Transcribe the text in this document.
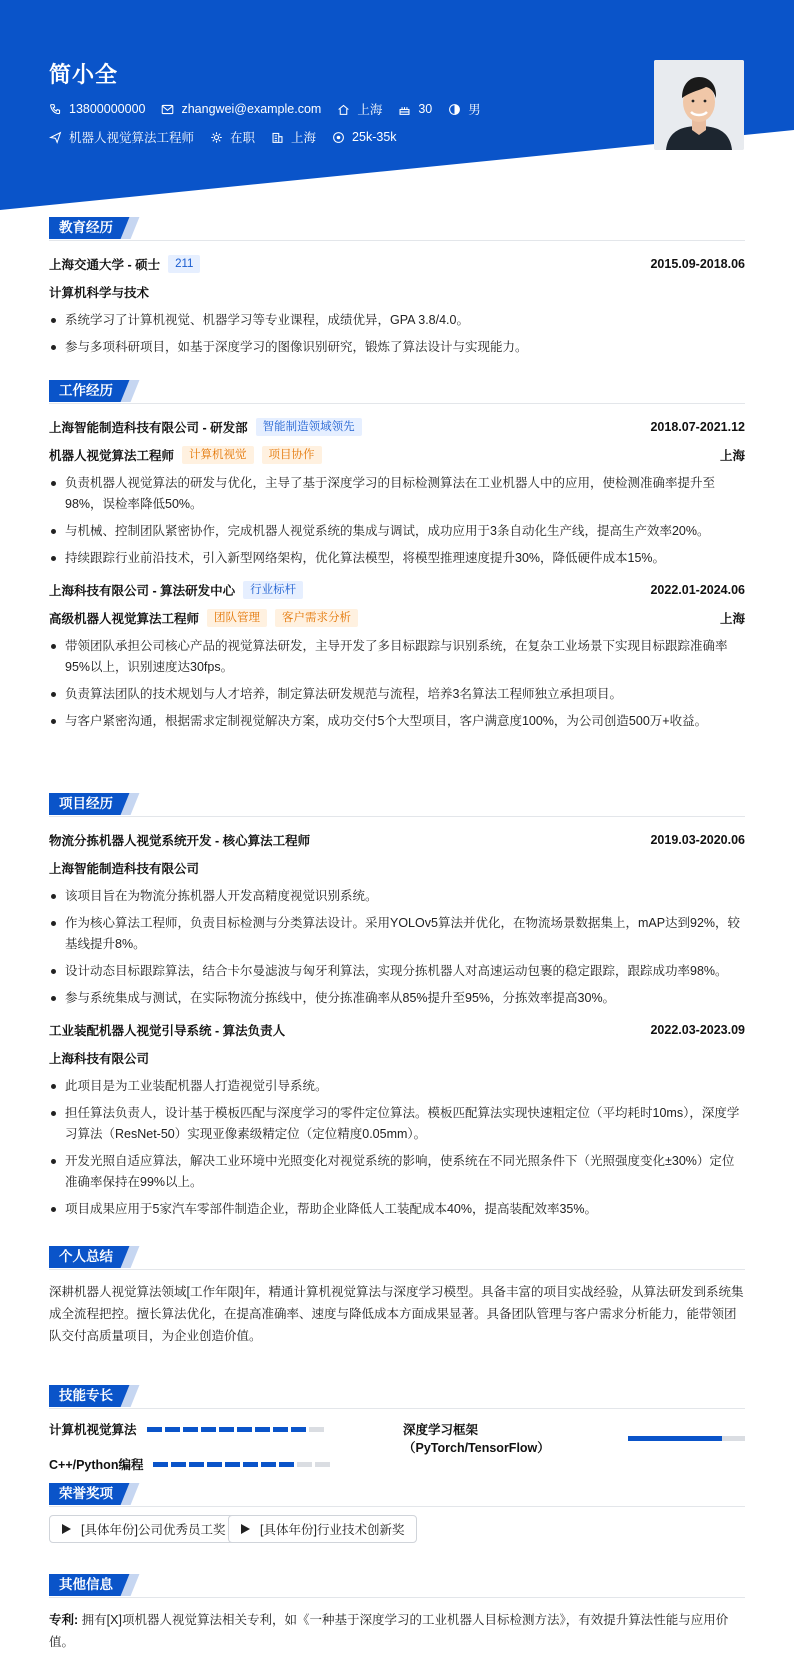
简小全
13800000000	zhangwei@example.com	上海	30	男
机器人视觉算法工程师	在职	上海	25k-35k
教育经历
上海交通大学 - 硕士	211	2015.09-2018.06
计算机科学与技术
系统学习了计算机视觉、机器学习等专业课程，成绩优异，GPA 3.8/4.0。
参与多项科研项目，如基于深度学习的图像识别研究，锻炼了算法设计与实现能力。
工作经历
上海智能制造科技有限公司 - 研发部	智能制造领域领先	2018.07-2021.12
机器人视觉算法工程师	计算机视觉	项目协作	上海
负责机器人视觉算法的研发与优化，主导了基于深度学习的目标检测算法在工业机器人中的应用，使检测准确率提升至98%，误检率降低50%。
与机械、控制团队紧密协作，完成机器人视觉系统的集成与调试，成功应用于3条自动化生产线，提高生产效率20%。
持续跟踪行业前沿技术，引入新型网络架构，优化算法模型，将模型推理速度提升30%，降低硬件成本15%。
上海科技有限公司 - 算法研发中心	行业标杆	2022.01-2024.06
高级机器人视觉算法工程师	团队管理	客户需求分析	上海
带领团队承担公司核心产品的视觉算法研发，主导开发了多目标跟踪与识别系统，在复杂工业场景下实现目标跟踪准确率95%以上，识别速度达30fps。
负责算法团队的技术规划与人才培养，制定算法研发规范与流程，培养3名算法工程师独立承担项目。
与客户紧密沟通，根据需求定制视觉解决方案，成功交付5个大型项目，客户满意度100%，为公司创造500万+收益。
项目经历
物流分拣机器人视觉系统开发 - 核心算法工程师	2019.03-2020.06
上海智能制造科技有限公司
该项目旨在为物流分拣机器人开发高精度视觉识别系统。
作为核心算法工程师，负责目标检测与分类算法设计。采用YOLOv5算法并优化，在物流场景数据集上，mAP达到92%，较基线提升8%。
设计动态目标跟踪算法，结合卡尔曼滤波与匈牙利算法，实现分拣机器人对高速运动包裹的稳定跟踪，跟踪成功率98%。
参与系统集成与测试，在实际物流分拣线中，使分拣准确率从85%提升至95%，分拣效率提高30%。
工业装配机器人视觉引导系统 - 算法负责人	2022.03-2023.09
上海科技有限公司
此项目是为工业装配机器人打造视觉引导系统。
担任算法负责人，设计基于模板匹配与深度学习的零件定位算法。模板匹配算法实现快速粗定位（平均耗时10ms），深度学习算法（ResNet-50）实现亚像素级精定位（定位精度0.05mm）。
开发光照自适应算法，解决工业环境中光照变化对视觉系统的影响，使系统在不同光照条件下（光照强度变化±30%）定位准确率保持在99%以上。
项目成果应用于5家汽车零部件制造企业，帮助企业降低人工装配成本40%，提高装配效率35%。
个人总结
深耕机器人视觉算法领域[工作年限]年，精通计算机视觉算法与深度学习模型。具备丰富的项目实战经验，从算法研发到系统集成全流程把控。擅长算法优化，在提高准确率、速度与降低成本方面成果显著。具备团队管理与客户需求分析能力，能带领团队交付高质量项目，为企业创造价值。
技能专长
计算机视觉算法	深度学习框架（PyTorch/TensorFlow）
C++/Python编程
荣誉奖项
[具体年份]公司优秀员工奖	[具体年份]行业技术创新奖
其他信息
专利: 拥有[X]项机器人视觉算法相关专利，如《一种基于深度学习的工业机器人目标检测方法》，有效提升算法性能与应用价值。
